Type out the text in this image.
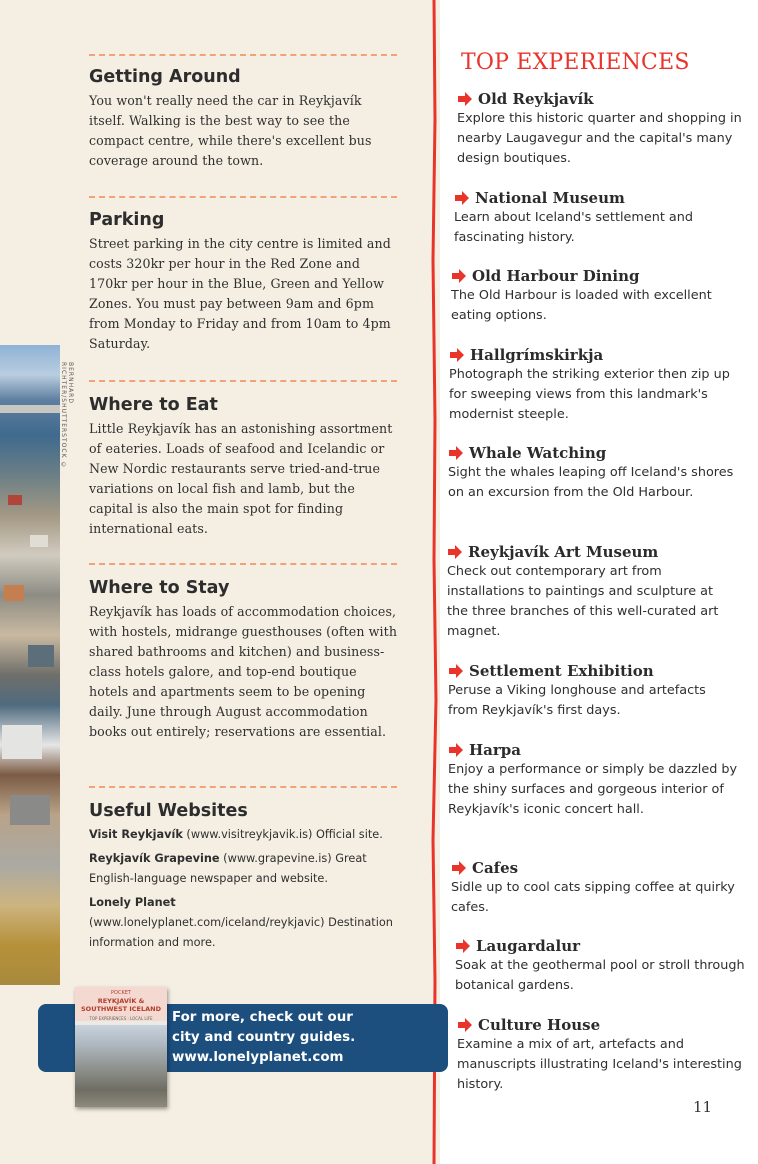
BERNHARD RICHTER/SHUTTERSTOCK ©
Getting Around

You won't really need the car in Reykjavík itself. Walking is the best way to see the compact centre, while there's excellent bus coverage around the town.

Parking

Street parking in the city centre is limited and costs 320kr per hour in the Red Zone and 170kr per hour in the Blue, Green and Yellow Zones. You must pay between 9am and 6pm from Monday to Friday and from 10am to 4pm Saturday.

Where to Eat

Little Reykjavík has an astonishing assortment of eateries. Loads of seafood and Icelandic or New Nordic restaurants serve tried-and-true variations on local fish and lamb, but the capital is also the main spot for finding international eats.

Where to Stay

Reykjavík has loads of accommodation choices, with hostels, midrange guesthouses (often with shared bathrooms and kitchen) and business-class hotels galore, and top-end boutique hotels and apartments seem to be opening daily. June through August accommodation books out entirely; reservations are essential.

Useful Websites

Visit Reykjavík (www.visitreykjavik.is) Official site.

Reykjavík Grapevine (www.grapevine.is) Great English-language newspaper and website.

Lonely Planet (www.lonelyplanet.com/iceland/reykjavic) Destination information and more.

POCKET
REYKJAVÍK & SOUTHWEST ICELAND
TOP EXPERIENCES · LOCAL LIFE	For more, check out our
city and country guides.
www.lonelyplanet.com
TOP EXPERIENCES
Old Reykjavík

Explore this historic quarter and shopping in nearby Laugavegur and the capital's many design boutiques.

National Museum

Learn about Iceland's settlement and fascinating history.

Old Harbour Dining

The Old Harbour is loaded with excellent eating options.

Hallgrímskirkja

Photograph the striking exterior then zip up for sweeping views from this landmark's modernist steeple.

Whale Watching

Sight the whales leaping off Iceland's shores on an excursion from the Old Harbour.

Reykjavík Art Museum

Check out contemporary art from installations to paintings and sculpture at the three branches of this well-curated art magnet.

Settlement Exhibition

Peruse a Viking longhouse and artefacts from Reykjavík's first days.

Harpa

Enjoy a performance or simply be dazzled by the shiny surfaces and gorgeous interior of Reykjavík's iconic concert hall.

Cafes

Sidle up to cool cats sipping coffee at quirky cafes.

Laugardalur

Soak at the geothermal pool or stroll through botanical gardens.

Culture House

Examine a mix of art, artefacts and manuscripts illustrating Iceland's interesting history.

11
